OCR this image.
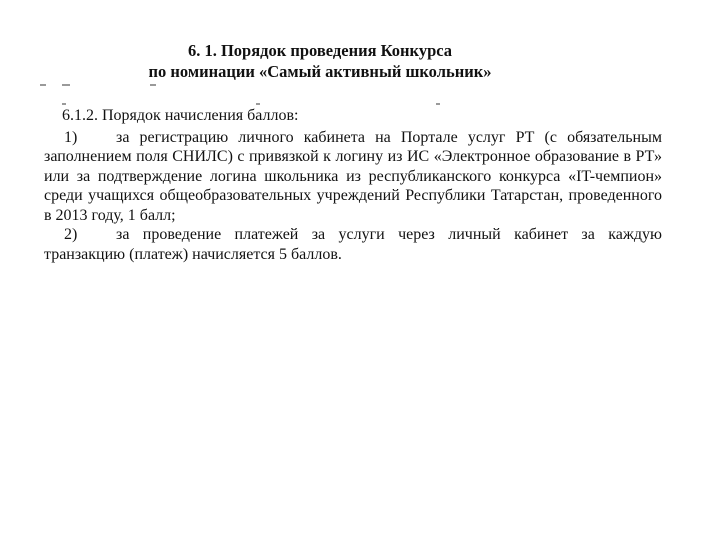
6. 1. Порядок проведения Конкурса
по номинации «Самый активный школьник»

6.1.2. Порядок начисления баллов:

1) за регистрацию личного кабинета на Портале услуг РТ (с обязательным заполнением поля СНИЛС) с привязкой к логину из ИС «Электронное образование в РТ» или за подтверждение логина школьника из республиканского конкурса «IT-чемпион» среди учащихся общеобразовательных учреждений Республики Татарстан, проведенного в 2013 году, 1 балл;

2) за проведение платежей за услуги через личный кабинет за каждую транзакцию (платеж) начисляется 5 баллов.
